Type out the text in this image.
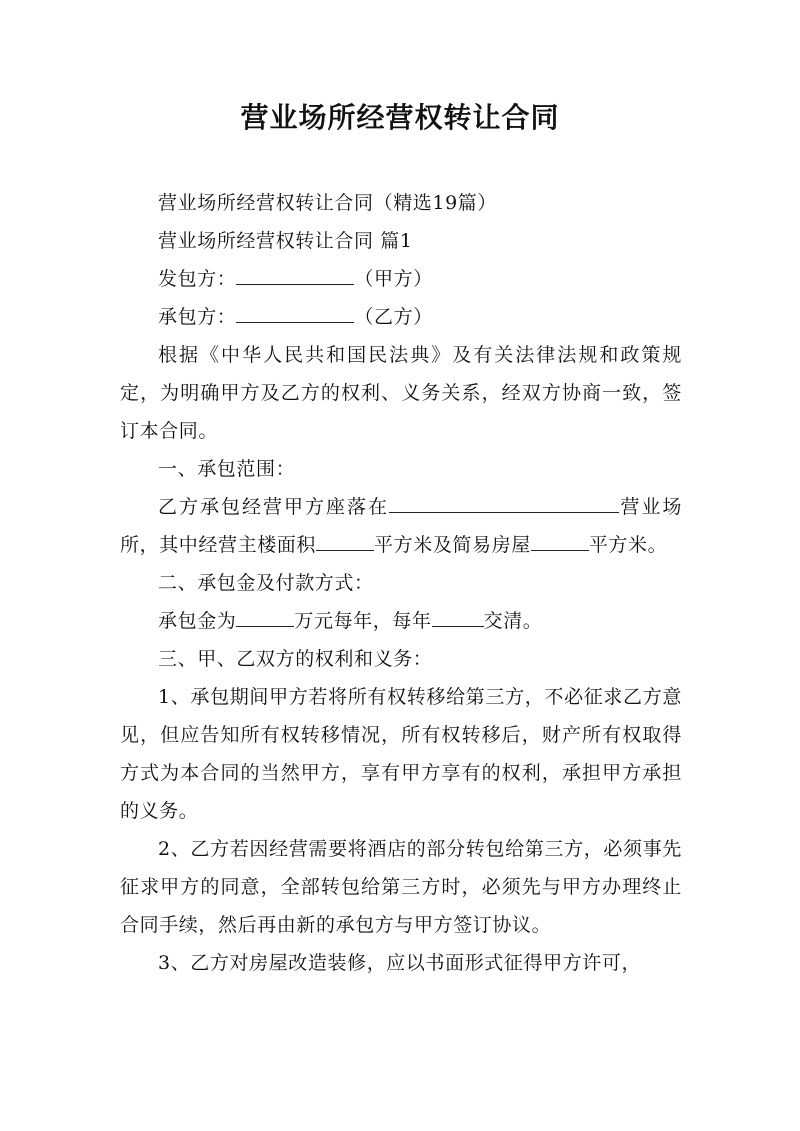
营业场所经营权转让合同

营业场所经营权转让合同（精选19篇）

营业场所经营权转让合同 篇1

发包方：	（甲方）

承包方：	（乙方）

根据《中华人民共和国民法典》及有关法律法规和政策规定，为明确甲方及乙方的权利、义务关系，经双方协商一致，签订本合同。

一、承包范围：

乙方承包经营甲方座落在	营业场所，其中经营主楼面积	平方米及简易房屋	平方米。

二、承包金及付款方式：

承包金为	万元每年，每年	交清。

三、甲、乙双方的权利和义务：

1、承包期间甲方若将所有权转移给第三方，不必征求乙方意见，但应告知所有权转移情况，所有权转移后，财产所有权取得方式为本合同的当然甲方，享有甲方享有的权利，承担甲方承担的义务。

2、乙方若因经营需要将酒店的部分转包给第三方，必须事先征求甲方的同意，全部转包给第三方时，必须先与甲方办理终止合同手续，然后再由新的承包方与甲方签订协议。

3、乙方对房屋改造装修，应以书面形式征得甲方许可，
